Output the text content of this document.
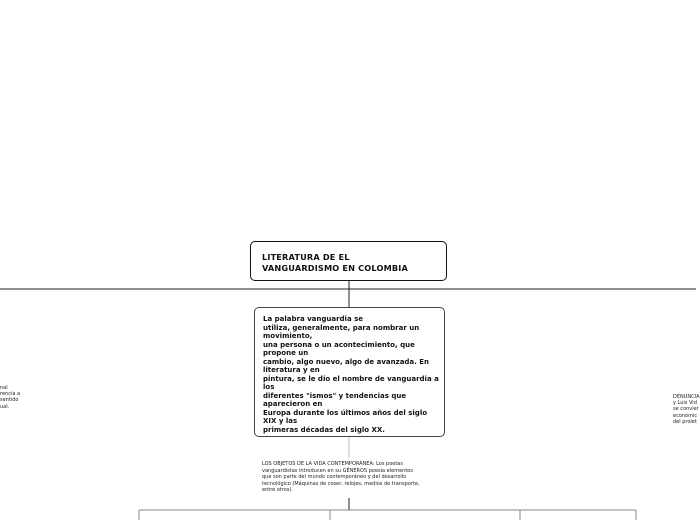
LITERATURA DE EL
VANGUARDISMO EN COLOMBIA
La palabra vanguardia se
utiliza, generalmente, para nombrar un
movimiento,
una persona o un acontecimiento, que
propone un
cambio, algo nuevo, algo de avanzada. En
literatura y en
pintura, se le dio el nombre de vanguardia a
los
diferentes "ismos" y tendencias que
aparecieron en
Europa durante los últimos años del siglo
XIX y las
primeras décadas del siglo XX.
LOS OBJETOS DE LA VIDA CONTEMPORÁNEA: Los poetas
vanguardistas introducen en su GÉNEROS poesía elementos
que son parte del mundo contemporáneo y del desarrollo
tecnológico (Máquinas de coser, relojes, medios de transporte,
entre otros).
nal
rencia a
sentido
ual.
DENUNCIA
y Luis Vid
se convier
económic
del prolet
